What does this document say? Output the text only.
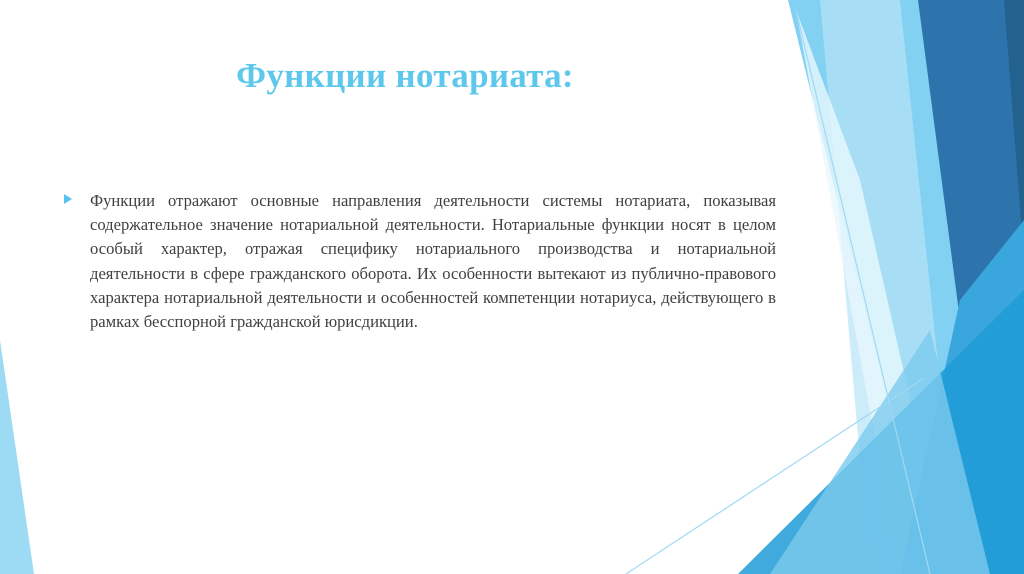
Функции нотариата:
Функции отражают основные направления деятельности системы нотариата, показывая содержательное значение нотариальной деятельности. Нотариальные функции носят в целом особый характер, отражая специфику нотариального производства и нотариальной деятельности в сфере гражданского оборота. Их особенности вытекают из публично-правового характера нотариальной деятельности и особенностей компетенции нотариуса, действующего в рамках бесспорной гражданской юрисдикции.
